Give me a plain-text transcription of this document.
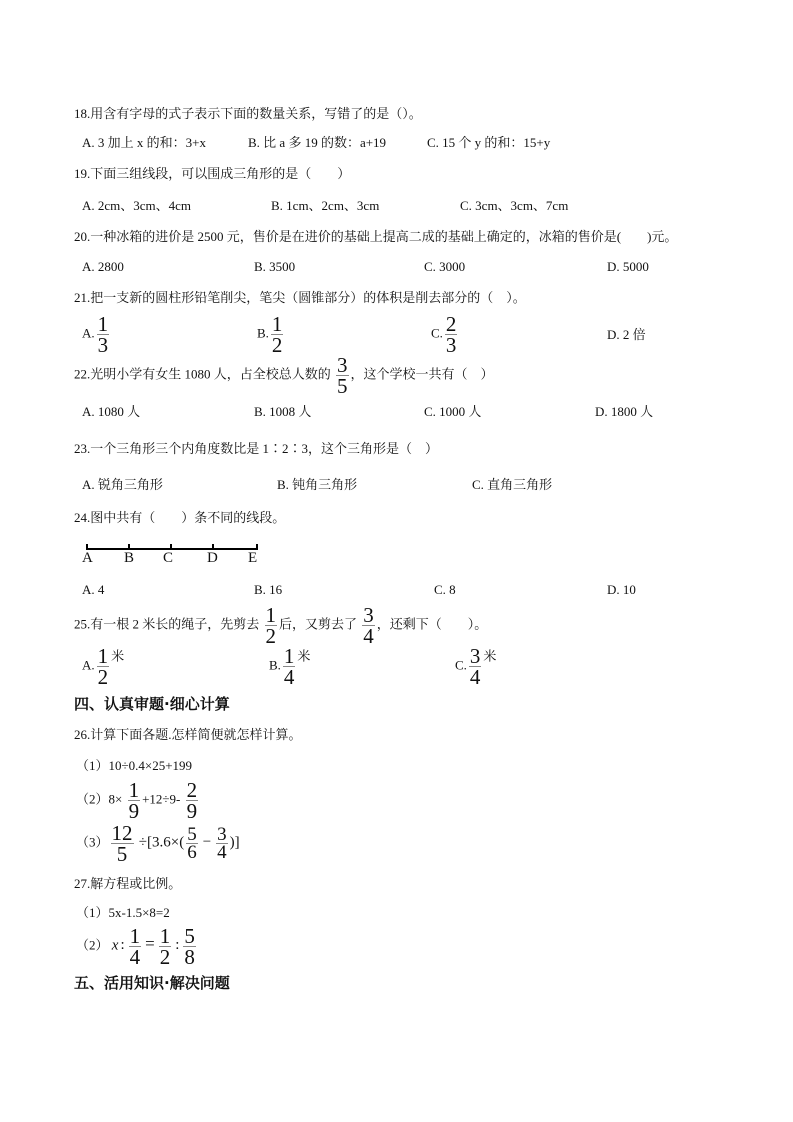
18.用含有字母的式子表示下面的数量关系，写错了的是（）。
A. 3 加上 x 的和：3+x	B. 比 a 多 19 的数：a+19	C. 15 个 y 的和：15+y
19.下面三组线段，可以围成三角形的是（　　）
A. 2cm、3cm、4cm	B. 1cm、2cm、3cm	C. 3cm、3cm、7cm
20.一种冰箱的进价是 2500 元，售价是在进价的基础上提高二成的基础上确定的，冰箱的售价是(　　)元。
A. 2800	B. 3500	C. 3000	D. 5000
21.把一支新的圆柱形铅笔削尖，笔尖（圆锥部分）的体积是削去部分的（　）。
A. $\frac{1}{3}$	B. $\frac{1}{2}$	C. $\frac{2}{3}$	D. 2 倍
22.光明小学有女生 1080 人，占全校总人数的 $\frac{3}{5}$ ，这个学校一共有（　）
A. 1080 人	B. 1008 人	C. 1000 人	D. 1800 人
23.一个三角形三个内角度数比是 1∶2∶3，这个三角形是（　）
A. 锐角三角形	B. 钝角三角形	C. 直角三角形
24.图中共有（　　）条不同的线段。
A B C D E
A. 4	B. 16	C. 8	D. 10
25.有一根 2 米长的绳子，先剪去 $\frac{1}{2}$ 后，又剪去了 $\frac{3}{4}$ ，还剩下（　　）。
A. $\frac{1}{2}$ 米
B. $\frac{1}{4}$ 米
C. $\frac{3}{4}$ 米
四、认真审题·细心计算
26.计算下面各题.怎样简便就怎样计算。
（1）10÷0.4×25+199
$(2)8\times \frac{1}{9} +12\div 9- \frac{2}{9}$
$(3) \frac{12}{5} \div[3.6\times( \frac{5}{6} - \frac{3}{4}$ )]
27.解方程或比例。
（1）5x-1.5×8=2
（2） x : $\frac{1}{4} = \frac{1}{2}$ : $\frac{5}{8}$
五、活用知识·解决问题
